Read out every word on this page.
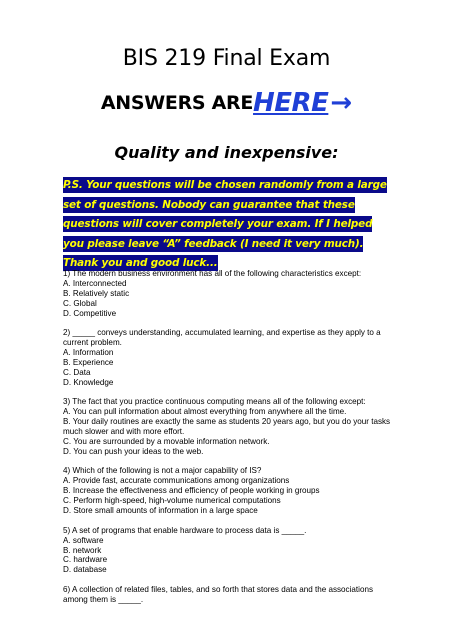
BIS 219 Final Exam
ANSWERS AREHERE→
Quality and inexpensive:
P.S. Your questions will be chosen randomly from a large set of questions. Nobody can guarantee that these questions will cover completely your exam. If I helped you please leave “A” feedback (I need it very much). Thank you and good luck...
1) The modern business environment has all of the following characteristics except:
A. Interconnected
B. Relatively static
C. Global
D. Competitive
2) _____ conveys understanding, accumulated learning, and expertise as they apply to a current problem.
A. Information
B. Experience
C. Data
D. Knowledge
3) The fact that you practice continuous computing means all of the following except:
A. You can pull information about almost everything from anywhere all the time.
B. Your daily routines are exactly the same as students 20 years ago, but you do your tasks much slower and with more effort.
C. You are surrounded by a movable information network.
D. You can push your ideas to the web.
4) Which of the following is not a major capability of IS?
A. Provide fast, accurate communications among organizations
B. Increase the effectiveness and efficiency of people working in groups
C. Perform high-speed, high-volume numerical computations
D. Store small amounts of information in a large space
5) A set of programs that enable hardware to process data is _____.
A. software
B. network
C. hardware
D. database
6) A collection of related files, tables, and so forth that stores data and the associations among them is _____.
